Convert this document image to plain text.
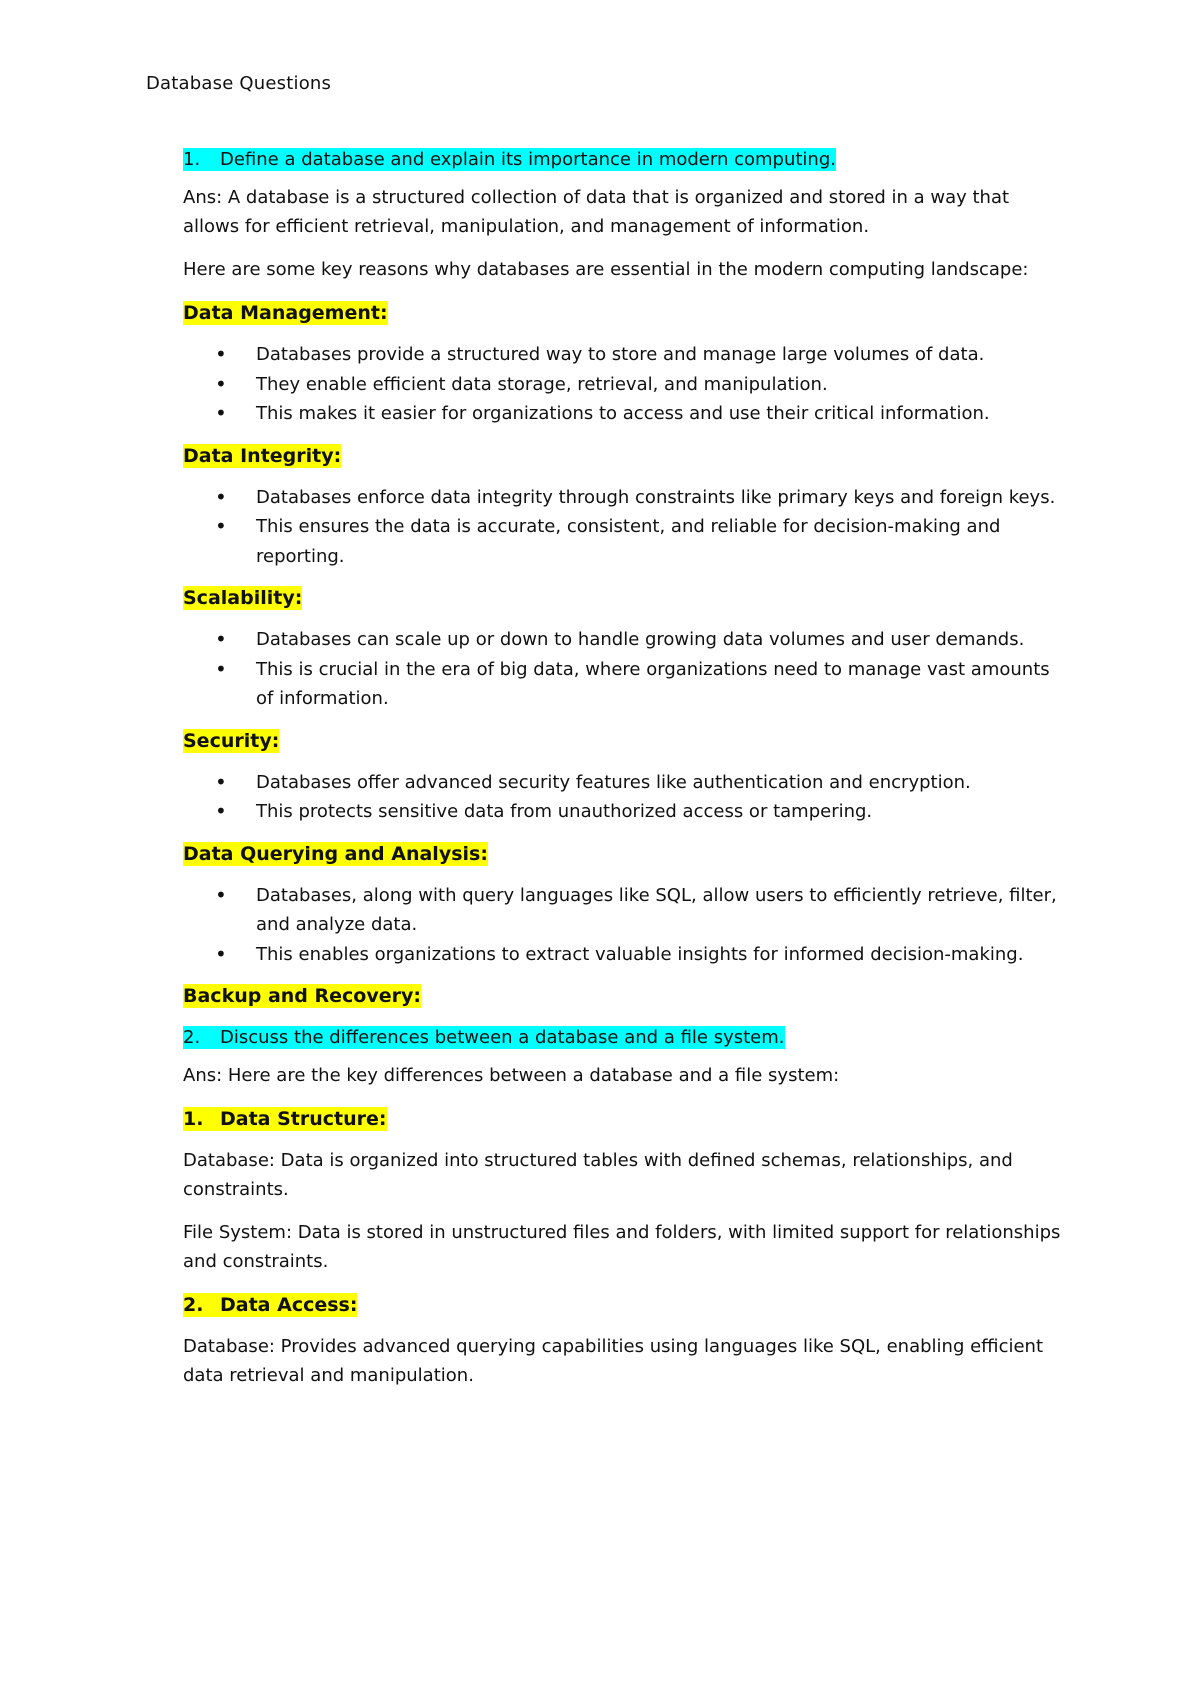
Database Questions
1. Define a database and explain its importance in modern computing.

Ans: A database is a structured collection of data that is organized and stored in a way that allows for efficient retrieval, manipulation, and management of information.

Here are some key reasons why databases are essential in the modern computing landscape:

Data Management:
• Databases provide a structured way to store and manage large volumes of data.
• They enable efficient data storage, retrieval, and manipulation.
• This makes it easier for organizations to access and use their critical information.
Data Integrity:
• Databases enforce data integrity through constraints like primary keys and foreign keys.
• This ensures the data is accurate, consistent, and reliable for decision-making and reporting.
Scalability:
• Databases can scale up or down to handle growing data volumes and user demands.
• This is crucial in the era of big data, where organizations need to manage vast amounts of information.
Security:
• Databases offer advanced security features like authentication and encryption.
• This protects sensitive data from unauthorized access or tampering.
Data Querying and Analysis:
• Databases, along with query languages like SQL, allow users to efficiently retrieve, filter, and analyze data.
• This enables organizations to extract valuable insights for informed decision-making.
Backup and Recovery:
2. Discuss the differences between a database and a file system.

Ans: Here are the key differences between a database and a file system:

1. Data Structure:

Database: Data is organized into structured tables with defined schemas, relationships, and constraints.

File System: Data is stored in unstructured files and folders, with limited support for relationships and constraints.

2. Data Access:

Database: Provides advanced querying capabilities using languages like SQL, enabling efficient data retrieval and manipulation.
